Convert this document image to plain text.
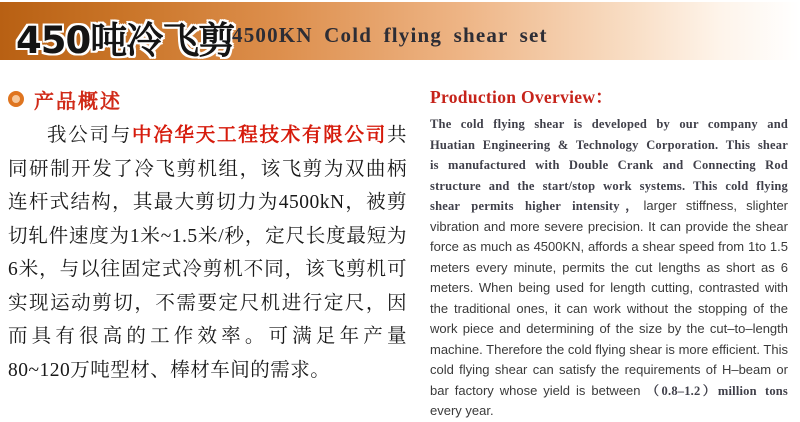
450吨冷飞剪
4500KN Cold flying shear set
产品概述

我公司与中冶华天工程技术有限公司共同研制开发了冷飞剪机组，该飞剪为双曲柄连杆式结构，其最大剪切力为4500kN，被剪切轧件速度为1米~1.5米/秒，定尺长度最短为6米，与以往固定式冷剪机不同，该飞剪机可实现运动剪切，不需要定尺机进行定尺，因而具有很高的工作效率。可满足年产量80~120万吨型材、棒材车间的需求。

Production Overview：

The cold flying shear is developed by our company and Huatian Engineering & Technology Corporation. This shear is manufactured with Double Crank and Connecting Rod structure and the start/stop work systems. This cold flying shear permits higher intensity，larger stiffness, slighter vibration and more severe precision. It can provide the shear force as much as 4500KN, affords a shear speed from 1to 1.5 meters every minute, permits the cut lengths as short as 6 meters. When being used for length cutting, contrasted with the traditional ones, it can work without the stopping of the work piece and determining of the size by the cut–to–length machine. Therefore the cold flying shear is more efficient. This cold flying shear can satisfy the requirements of H–beam or bar factory whose yield is between （0.8–1.2）million tons every year.
